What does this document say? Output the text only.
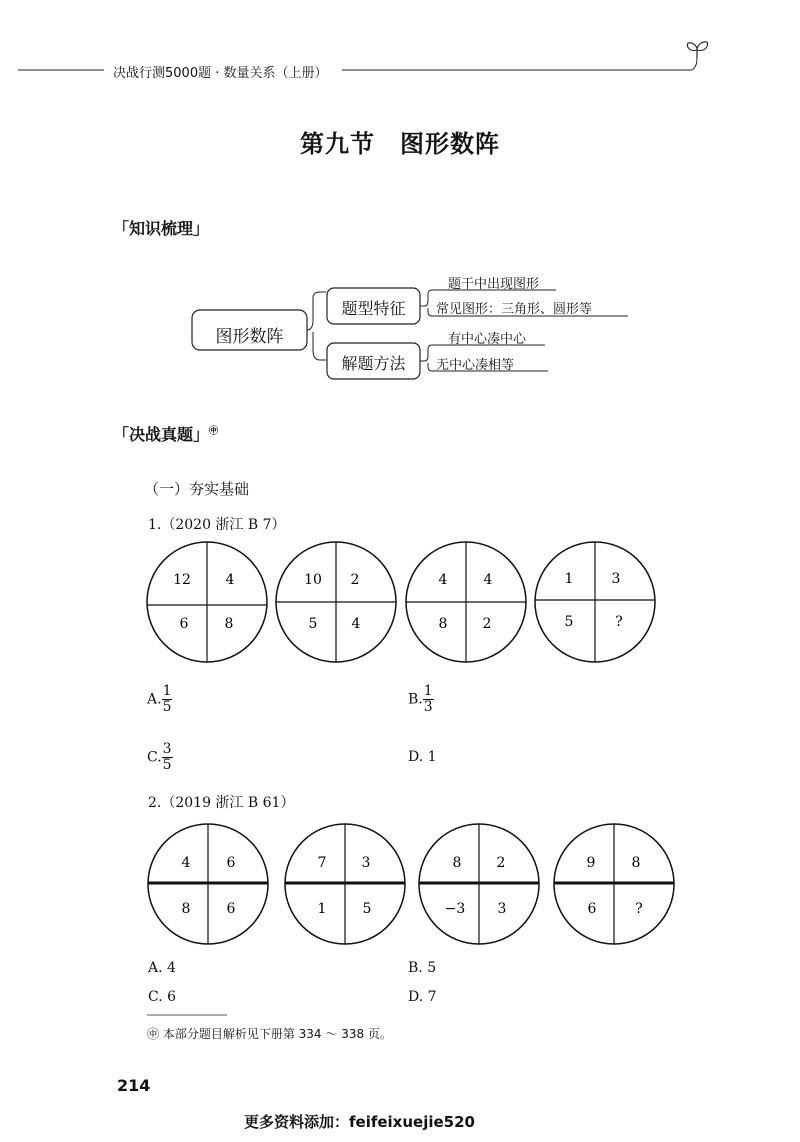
决战行测5000题 · 数量关系（上册）
第九节　图形数阵
「知识梳理」
图形数阵
题型特征
解题方法
题干中出现图形
常见图形：三角形、圆形等
有中心凑中心
无中心凑相等
「决战真题」㊥
（一）夯实基础
1.（2020 浙江 B 7）
12 4
6	8
10 2
5 4
4	4
8	2
1	3
5	?
A. $\frac{1}{5}$	B. $\frac{1}{3}$
C. $\frac{3}{5}$	D. 1
2.（2019 浙江 B 61）
4	6
8	6
7	3
1	5
8	2
−3 3
9	8
6	?
A. 4	B. 5
C. 6	D. 7
㊥ 本部分题目解析见下册第 334 ～ 338 页。
214
更多资料添加：feifeixuejie520
